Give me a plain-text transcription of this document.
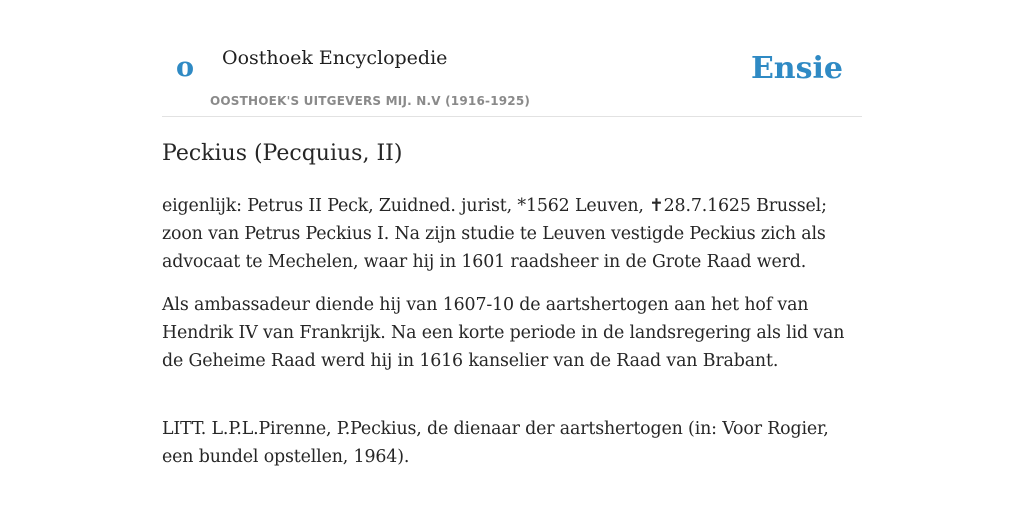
o Oosthoek Encyclopedie
OOSTHOEK'S UITGEVERS MIJ. N.V (1916-1925)
Ensie
Peckius (Pecquius, II)

eigenlijk: Petrus II Peck, Zuidned. jurist, *1562 Leuven, ✝28.7.1625 Brussel; zoon van Petrus Peckius I. Na zijn studie te Leuven vestigde Peckius zich als advocaat te Mechelen, waar hij in 1601 raadsheer in de Grote Raad werd.

Als ambassadeur diende hij van 1607-10 de aartshertogen aan het hof van Hendrik IV van Frankrijk. Na een korte periode in de landsregering als lid van de Geheime Raad werd hij in 1616 kanselier van de Raad van Brabant.

LITT. L.P.L.Pirenne, P.Peckius, de dienaar der aartshertogen (in: Voor Rogier, een bundel opstellen, 1964).
